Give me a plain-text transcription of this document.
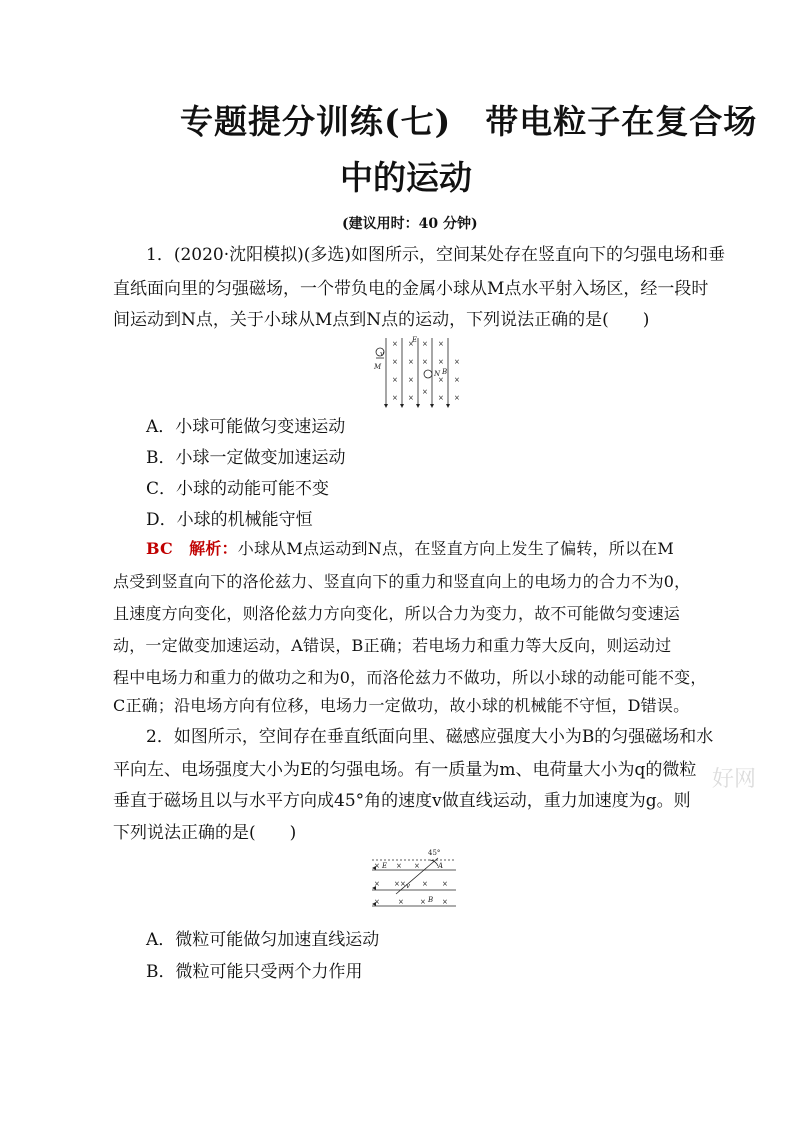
专题提分训练(七)　带电粒子在复合场
中的运动
(建议用时：40 分钟)
1．(2020·沈阳模拟)(多选)如图所示，空间某处存在竖直向下的匀强电场和垂
直纸面向里的匀强磁场，一个带负电的金属小球从M点水平射入场区，经一段时
间运动到N点，关于小球从M点到N点的运动，下列说法正确的是(　　)
×
×
×
×
×
×
×
×
×
×
×
×
×
×
×
×
×
×
E
v
M
N B
A．小球可能做匀变速运动
B．小球一定做变加速运动
C．小球的动能可能不变
D．小球的机械能守恒
BC　解析：小球从M点运动到N点，在竖直方向上发生了偏转，所以在M
点受到竖直向下的洛伦兹力、竖直向下的重力和竖直向上的电场力的合力不为0，
且速度方向变化，则洛伦兹力方向变化，所以合力为变力，故不可能做匀变速运
动，一定做变加速运动，A错误，B正确；若电场力和重力等大反向，则运动过
程中电场力和重力的做功之和为0，而洛伦兹力不做功，所以小球的动能可能不变，
C正确；沿电场方向有位移，电场力一定做功，故小球的机械能不守恒，D错误。
2．如图所示，空间存在垂直纸面向里、磁感应强度大小为B的匀强磁场和水
平向左、电场强度大小为E的匀强电场。有一质量为m、电荷量大小为q的微粒
垂直于磁场且以与水平方向成45°角的速度v做直线运动，重力加速度为g。则
下列说法正确的是(　　)
好网
× × ×
× × × × ×
×	× × ×
45°
E	A
v
B
A．微粒可能做匀加速直线运动
B．微粒可能只受两个力作用
